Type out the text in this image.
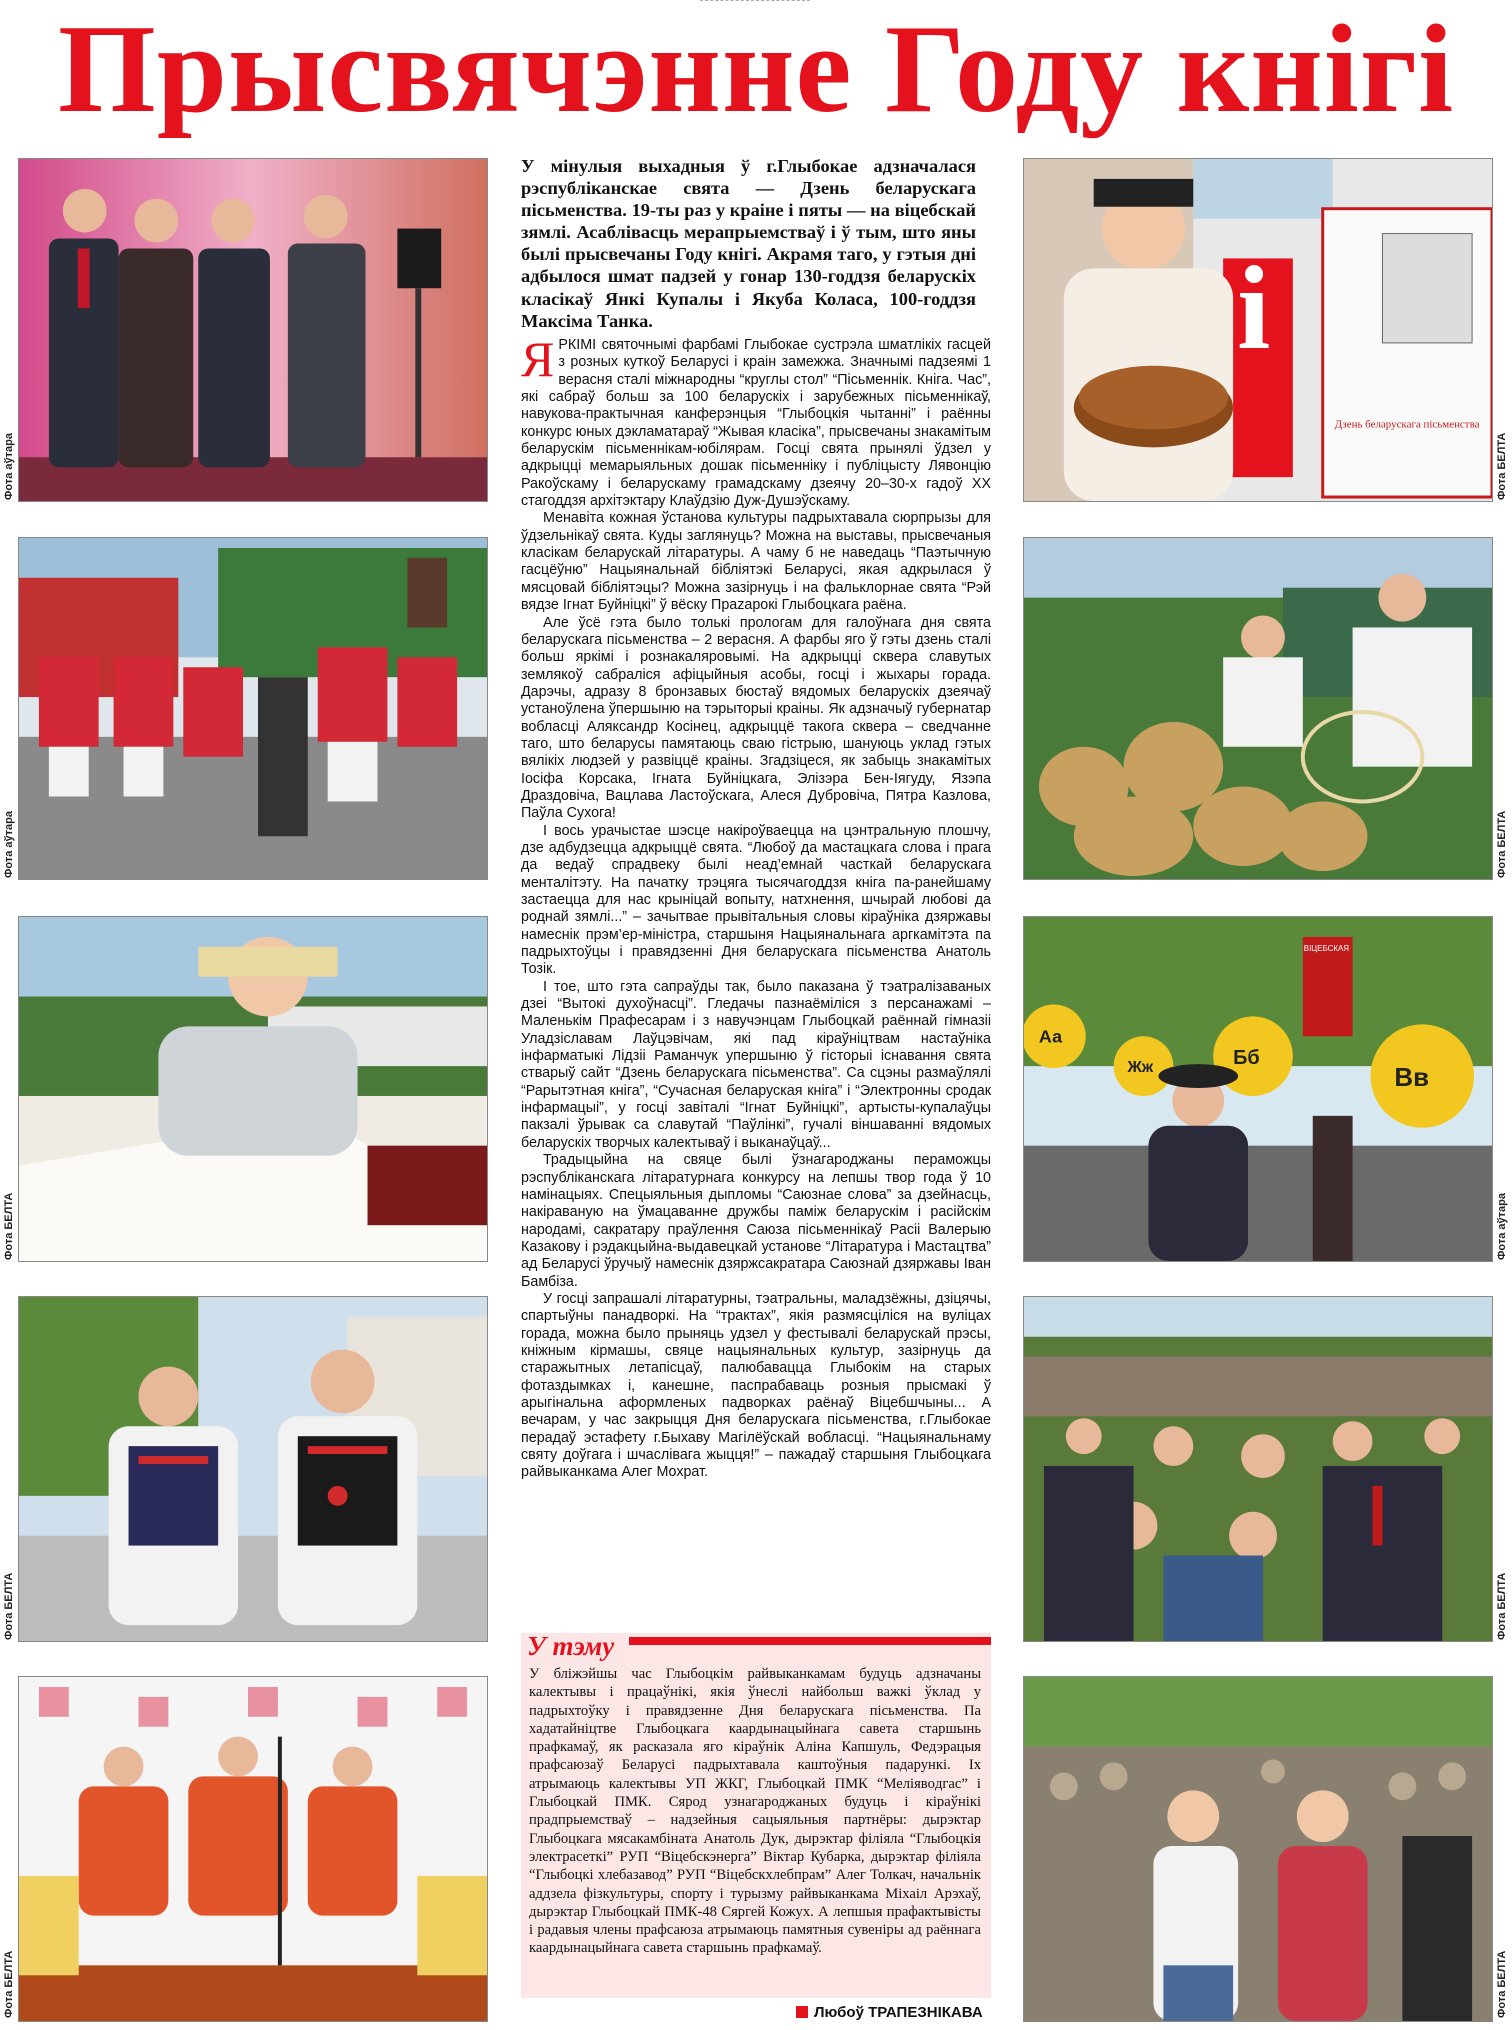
Прысвячэнне Году кнігі
Фота аўтара
Фота аўтара
Фота БЕЛТА
Фота БЕЛТА
Фота БЕЛТА
і
Дзень беларускага пісьменства
Фота БЕЛТА
Фота БЕЛТА
ВІЦЕБСКАЯ
Аа
Жж	Бб
Вв
Фота аўтара
Фота БЕЛТА
Фота БЕЛТА
У мінулыя выхадныя ў г.Глыбокае адзначалася рэспубліканскае свята — Дзень беларускага пісьменства. 19-ты раз у краіне і пяты — на віцебскай зямлі. Асабліваcць мерапрыемстваў і ў тым, што яны былі прысвечаны Году кнігі. Акрамя таго, у гэтыя дні адбылося шмат падзей у гонар 130-годдзя беларускіх класікаў Янкі Купалы і Якуба Коласа, 100-годдзя Максіма Танка.

ЯРКІМІ святочнымі фарбамі Глыбокае сустрэла шматлікіх гасцей з розных куткоў Беларусі і краін замежжа. Значнымі падзеямі 1 верасня сталі міжнародны “круглы стол” “Пісьменнік. Кніга. Час”, які сабраў больш за 100 беларускіх і зарубежных пісьменнікаў, навукова-практычная канферэнцыя “Глыбоцкія чытанні” і раённы конкурс юных дэкламатараў “Жывая класіка”, прысвечаны знакамітым беларускім пісьменнікам-юбілярам. Госці свята прынялі ўдзел у адкрыцці мемарыяльных дошак пісьменніку і публіцысту Лявонцію Ракоўскаму і беларускаму грамадскаму дзеячу 20–30-х гадоў ХХ стагоддзя архітэктару Клаўдзію Дуж-Душэўскаму.

Менавіта кожная ўстанова культуры падрыхтавала сюрпрызы для ўдзельнікаў свята. Куды заглянуць? Можна на выставы, прысвечаныя класікам беларускай літаратуры. А чаму б не наведаць “Паэтычную гасцёўню” Нацыянальнай бібліятэкі Беларусі, якая адкрылася ў мясцовай бібліятэцы? Можна зазірнуць і на фальклорнае свята “Рэй вядзе Ігнат Буйніцкі” ў вёску Прazaрoкі Глыбоцкага раёна.

Але ўсё гэта было толькі прологам для галоўнага дня свята беларускага пісьменства – 2 верасня. А фарбы яго ў гэты дзень сталі больш яркімі і рознакаляровымі. На адкрыцці сквера славутых землякоў сабраліся афіцыйныя асобы, госці і жыхары горада. Дарэчы, адразу 8 бронзавых бюстаў вядомых беларускіх дзеячаў устаноўлена ўпершыню на тэрыторыі краіны. Як адзначыў губернатар вобласці Аляксандр Косінец, адкрыццё такога сквера – сведчанне таго, што беларусы памятаюць сваю гістрыю, шануюць уклад гэтых вялікіх людзей у развіццё краіны. Згадзіцеся, як забыць знакамітых Іосіфа Корсака, Ігната Буйніцкага, Элізэра Бен-Іягуду, Язэпа Драздовіча, Вацлава Ластоўскага, Алеся Дубровіча, Пятра Казлова, Паўла Сухога!

І вось урачыстае шэсце накіроўваецца на цэнтральную плошчу, дзе адбудзецца адкрыццё свята. “Любоў да мастацкага слова і прага да ведаў спрадвеку былі неад’емнай часткай беларускага менталітэту. На пачатку трэцяга тысячагоддзя кніга па-ранейшаму застаецца для нас крыніцай вопыту, натхнення, шчырай любові да роднай зямлі...” – зачытвае прывітальныя словы кіраўніка дзяржавы намеснік прэм’ер-міністра, старшыня Нацыянальнага аргкамітэта па падрыхтоўцы і правядзенні Дня беларускага пісьменства Анатоль Тозік.

І тое, што гэта сапраўды так, было паказана ў тэатралізаваных дзеі “Вытокі духоўнасці”. Гледачы пазнаёміліся з персанажамі – Маленькім Прафесарам і з навучэнцам Глыбоцкай раённай гімназіі Уладзіславам Лаўцэвічам, які пад кіраўніцтвам настаўніка інфарматыкі Лідзіі Раманчук упершыню ў гісторыі існавання свята стварыў сайт “Дзень беларускага пісьменства”. Са сцэны размаўлялі “Рарытэтная кніга”, “Сучасная беларуская кніга” і “Электронны сродак інфармацыі”, у госці завіталі “Ігнат Буйніцкі”, артысты-купалаўцы пакзалі ўрывак са славутай “Паўлінкі”, гучалі віншаванні вядомых беларускіх творчых калектываў і выканаўцаў...

Традыцыйна на свяце былі ўзнагароджаны пераможцы рэспубліканскага літаратурнага конкурсу на лепшы твор года ў 10 намінацыях. Спецыяльныя дыпломы “Саюзнае слова” за дзейнасць, накіраваную на ўмацаванне дружбы паміж беларускім і расійскім народамі, сакратару праўлення Саюза пісьменнікаў Расіі Валерыю Казакову і рэдакцыйна-выдавецкай установе “Літаратура і Мастацтва” ад Беларусі ўручыў намеснік дзяржсакратара Саюзнай дзяржавы Іван Бамбіза.

У госці запрашалі літаратурны, тэатральны, маладзёжны, дзіцячы, спартыўны панадворкі. На “трактах”, якія размясціліся на вуліцах горада, можна было прыняць удзел у фестывалі беларускай прэсы, кніжным кірмашы, свяце нацыянальных культур, зазірнуць да старажытных летапісцаў, палюбавацца Глыбокім на старых фотаздымках і, канешне, паспрабаваць розныя прысмакі ў арыгінальна аформленых падворках раёнаў Віцебшчыны... А вечарам, у час закрыцця Дня беларускага пісьменства, г.Глыбокае перадаў эстафету г.Быхаву Магілёўскай вобласці. “Нацыянальнаму святу доўгага і шчаслівага жыцця!” – пажадаў старшыня Глыбоцкага райвыканкама Алег Мохрат.

У тэму
У бліжэйшы час Глыбоцкім райвыканкамам будуць адзначаны калектывы і працаўнікі, якія ўнеслі найбольш важкі ўклад у падрыхтоўку і правядзенне Дня беларускага пісьменства. Па хадатайніцтве Глыбоцкага каардынацыйнага савета старшынь прафкамаў, як расказала яго кіраўнік Аліна Капшуль, Федэрацыя прафсаюзаў Беларусі падрыхтавала каштоўныя падарункі. Іх атрымаюць калектывы УП ЖКГ, Глыбоцкай ПМК “Меліявoдгас” і Глыбоцкай ПМК. Сярод узнагароджаных будуць і кіраўнікі прадпрыемстваў – надзейныя сацыяльныя партнёры: дырэктар Глыбоцкага мясакамбіната Анатоль Дук, дырэктар філіяла “Глыбоцкія электрасеткі” РУП “Віцебскэнерга” Віктар Кубарка, дырэктар філіяла “Глыбоцкі хлебазавод” РУП “Віцебскхлебпрам” Алег Толкач, начальнік аддзела фізкультуры, спорту і турызму райвыканкама Міхаіл Арэхаў, дырэктар Глыбоцкай ПМК-48 Сяргей Кожух. А лепшыя прафактывісты і радавыя члены прафсаюза атрымаюць памятныя сувеніры ад раённага каардынацыйнага савета старшынь прафкамаў.
Любоў ТРАПЕЗНІКАВА
